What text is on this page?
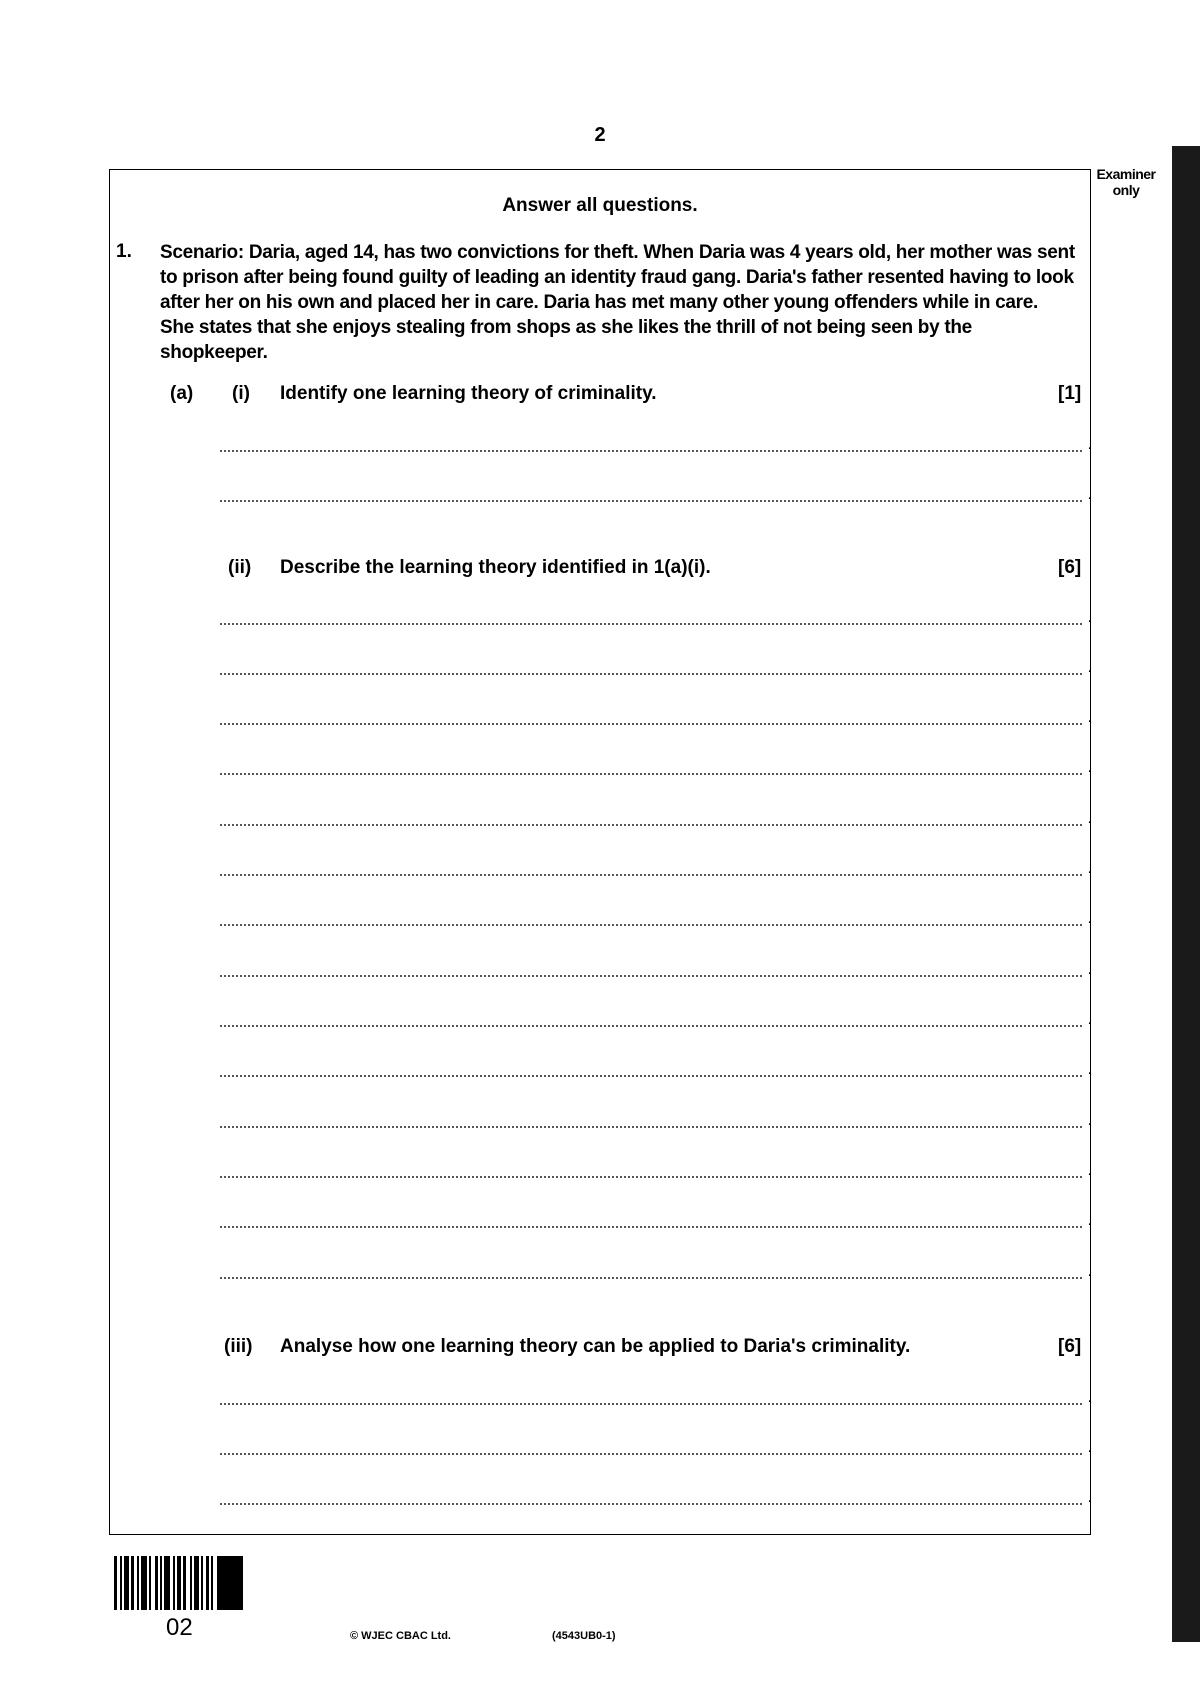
2
Examiner only
Answer all questions.
1. Scenario: Daria, aged 14, has two convictions for theft. When Daria was 4 years old, her mother was sent to prison after being found guilty of leading an identity fraud gang. Daria's father resented having to look after her on his own and placed her in care. Daria has met many other young offenders while in care. She states that she enjoys stealing from shops as she likes the thrill of not being seen by the shopkeeper.
(a) (i) Identify one learning theory of criminality.	[1]
.
.
(ii) Describe the learning theory identified in 1(a)(i).	[6]
.
.
.
.
.
.
.
.
.
.
.
.
.
.
(iii) Analyse how one learning theory can be applied to Daria's criminality.	[6]
.
.
.
02	© WJEC CBAC Ltd.	(4543UB0-1)
